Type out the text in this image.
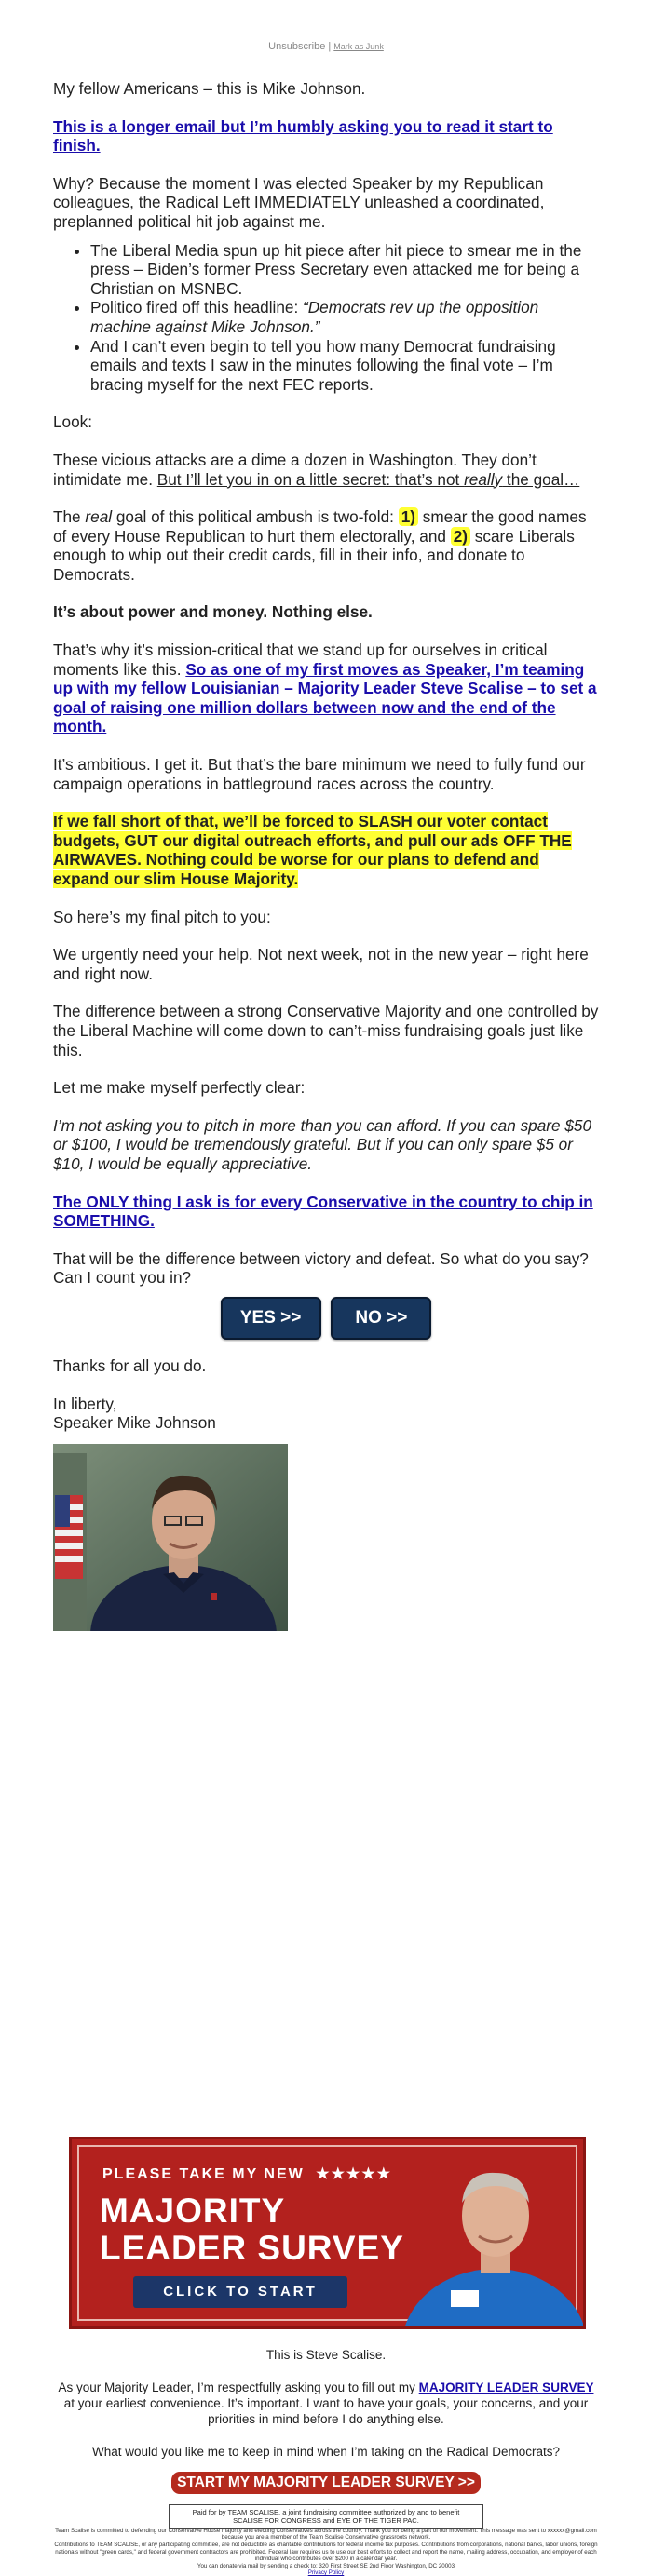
Unsubscribe | Mark as Junk

My fellow Americans – this is Mike Johnson.

This is a longer email but I’m humbly asking you to read it start to finish.

Why? Because the moment I was elected Speaker by my Republican colleagues, the Radical Left IMMEDIATELY unleashed a coordinated, preplanned political hit job against me.

• The Liberal Media spun up hit piece after hit piece to smear me in the press – Biden’s former Press Secretary even attacked me for being a Christian on MSNBC.
• Politico fired off this headline: “Democrats rev up the opposition machine against Mike Johnson.”
• And I can’t even begin to tell you how many Democrat fundraising emails and texts I saw in the minutes following the final vote – I’m bracing myself for the next FEC reports.

Look:

These vicious attacks are a dime a dozen in Washington. They don’t intimidate me. But I’ll let you in on a little secret: that’s not really the goal…

The real goal of this political ambush is two-fold: 1) smear the good names of every House Republican to hurt them electorally, and 2) scare Liberals enough to whip out their credit cards, fill in their info, and donate to Democrats.

It’s about power and money. Nothing else.

That’s why it’s mission-critical that we stand up for ourselves in critical moments like this. So as one of my first moves as Speaker, I’m teaming up with my fellow Louisianian – Majority Leader Steve Scalise – to set a goal of raising one million dollars between now and the end of the month.

It’s ambitious. I get it. But that’s the bare minimum we need to fully fund our campaign operations in battleground races across the country.

If we fall short of that, we’ll be forced to SLASH our voter contact budgets, GUT our digital outreach efforts, and pull our ads OFF THE AIRWAVES. Nothing could be worse for our plans to defend and expand our slim House Majority.

So here’s my final pitch to you:

We urgently need your help. Not next week, not in the new year – right here and right now.

The difference between a strong Conservative Majority and one controlled by the Liberal Machine will come down to can’t-miss fundraising goals just like this.

Let me make myself perfectly clear:

I’m not asking you to pitch in more than you can afford. If you can spare $50 or $100, I would be tremendously grateful. But if you can only spare $5 or $10, I would be equally appreciative.

The ONLY thing I ask is for every Conservative in the country to chip in SOMETHING.

That will be the difference between victory and defeat. So what do you say? Can I count you in?

YES >>	NO >>

Thanks for all you do.

In liberty,

Speaker Mike Johnson

PLEASE TAKE MY NEW ★★★★★
MAJORITY
LEADER SURVEY
CLICK TO START
This is Steve Scalise.
As your Majority Leader, I’m respectfully asking you to fill out my MAJORITY LEADER SURVEY at your earliest convenience. It’s important. I want to have your goals, your concerns, and your priorities in mind before I do anything else.
What would you like me to keep in mind when I’m taking on the Radical Democrats?
START MY MAJORITY LEADER SURVEY >>
Paid for by TEAM SCALISE, a joint fundraising committee authorized by and to benefit SCALISE FOR CONGRESS and EYE OF THE TIGER PAC.
Team Scalise is committed to defending our Conservative House majority and electing Conservatives across the country. Thank you for being a part of our movement. This message was sent to xxxxxx@gmail.com because you are a member of the Team Scalise Conservative grassroots network.
Contributions to TEAM SCALISE, or any participating committee, are not deductible as charitable contributions for federal income tax purposes. Contributions from corporations, national banks, labor unions, foreign nationals without "green cards," and federal government contractors are prohibited. Federal law requires us to use our best efforts to collect and report the name, mailing address, occupation, and employer of each individual who contributes over $200 in a calendar year.
You can donate via mail by sending a check to: 320 First Street SE 2nd Floor Washington, DC 20003
Privacy Policy
